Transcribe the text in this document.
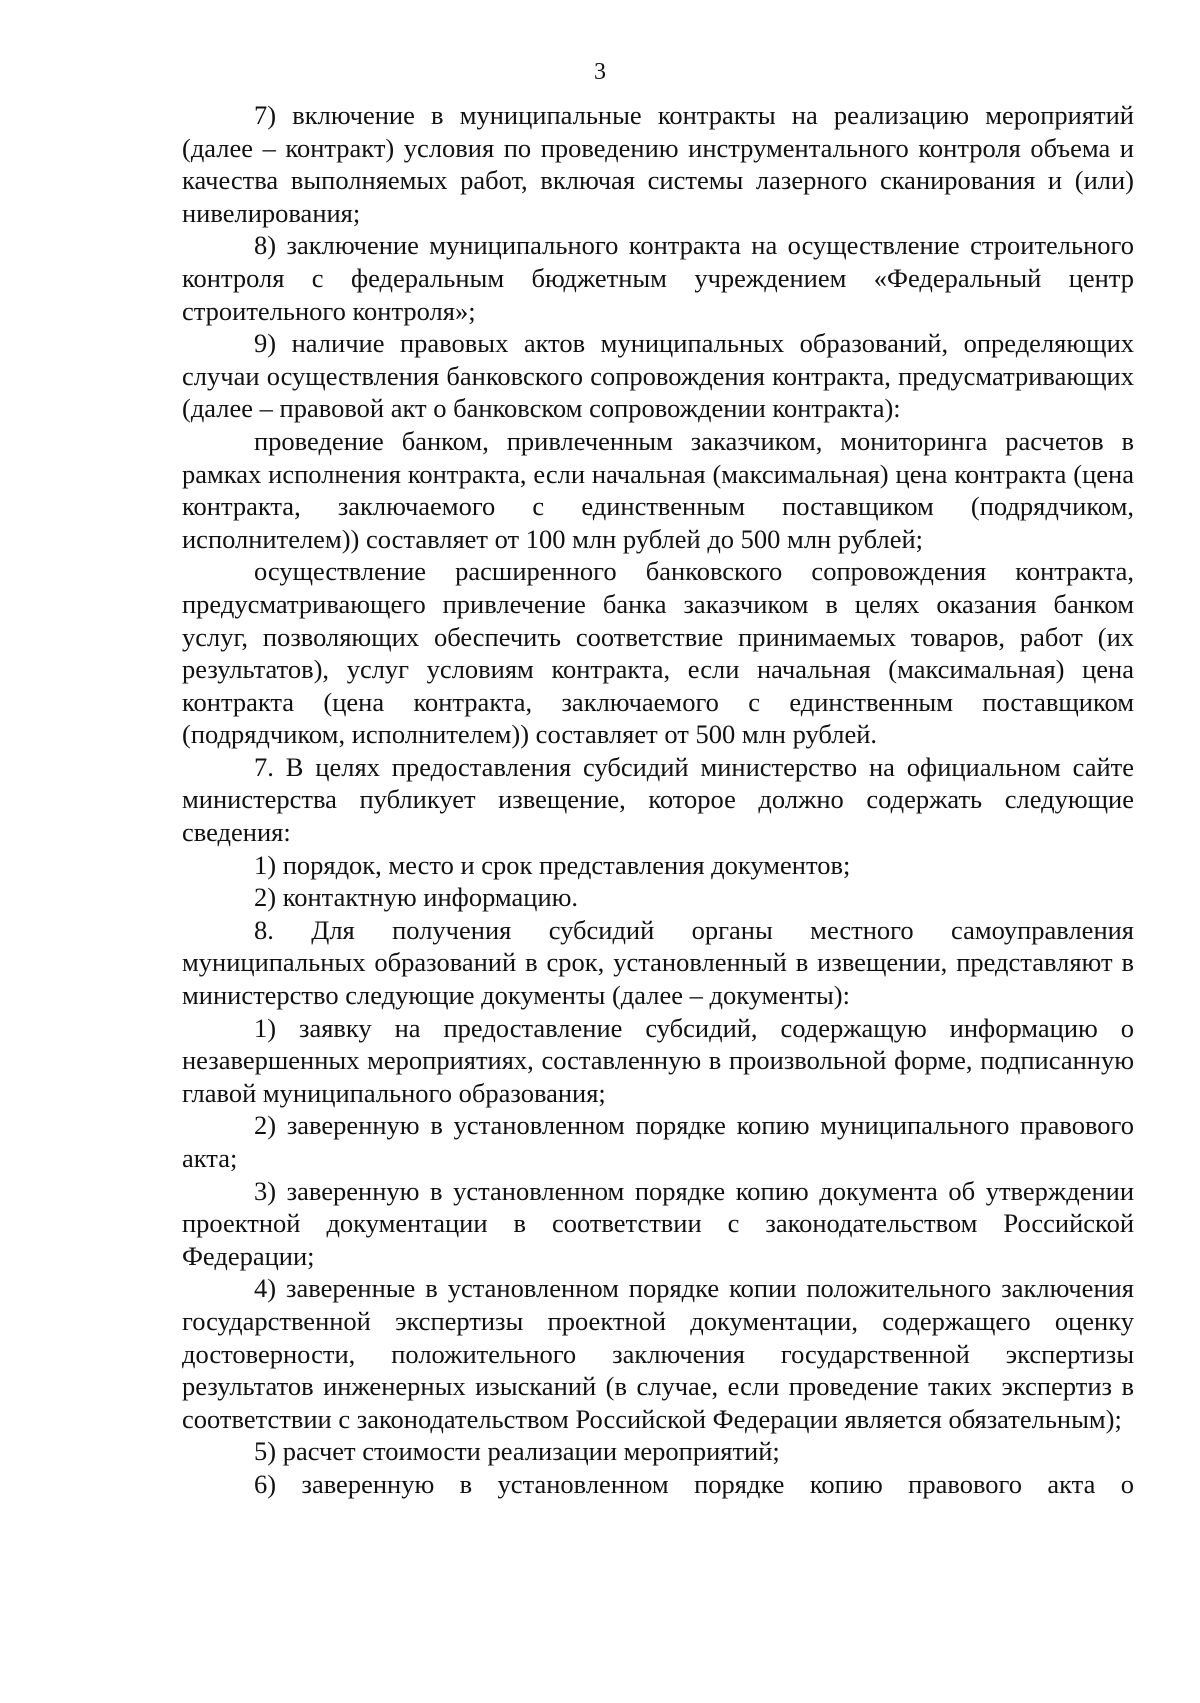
3

7) включение в муниципальные контракты на реализацию мероприятий (далее – контракт) условия по проведению инструментального контроля объема и качества выполняемых работ, включая системы лазерного сканирования и (или) нивелирования;

8) заключение муниципального контракта на осуществление строительного контроля с федеральным бюджетным учреждением «Федеральный центр строительного контроля»;

9) наличие правовых актов муниципальных образований, определяющих случаи осуществления банковского сопровождения контракта, предусматривающих (далее – правовой акт о банковском сопровождении контракта):

проведение банком, привлеченным заказчиком, мониторинга расчетов в рамках исполнения контракта, если начальная (максимальная) цена контракта (цена контракта, заключаемого с единственным поставщиком (подрядчиком, исполнителем)) составляет от 100 млн рублей до 500 млн рублей;

осуществление расширенного банковского сопровождения контракта, предусматривающего привлечение банка заказчиком в целях оказания банком услуг, позволяющих обеспечить соответствие принимаемых товаров, работ (их результатов), услуг условиям контракта, если начальная (максимальная) цена контракта (цена контракта, заключаемого с единственным поставщиком (подрядчиком, исполнителем)) составляет от 500 млн рублей.

7. В целях предоставления субсидий министерство на официальном сайте министерства публикует извещение, которое должно содержать следующие сведения:

1) порядок, место и срок представления документов;

2) контактную информацию.

8. Для получения субсидий органы местного самоуправления муниципальных образований в срок, установленный в извещении, представляют в министерство следующие документы (далее – документы):

1) заявку на предоставление субсидий, содержащую информацию о незавершенных мероприятиях, составленную в произвольной форме, подписанную главой муниципального образования;

2) заверенную в установленном порядке копию муниципального правового акта;

3) заверенную в установленном порядке копию документа об утверждении проектной документации в соответствии с законодательством Российской Федерации;

4) заверенные в установленном порядке копии положительного заключения государственной экспертизы проектной документации, содержащего оценку достоверности, положительного заключения государственной экспертизы результатов инженерных изысканий (в случае, если проведение таких экспертиз в соответствии с законодательством Российской Федерации является обязательным);

5) расчет стоимости реализации мероприятий;

6) заверенную в установленном порядке копию правового акта о
